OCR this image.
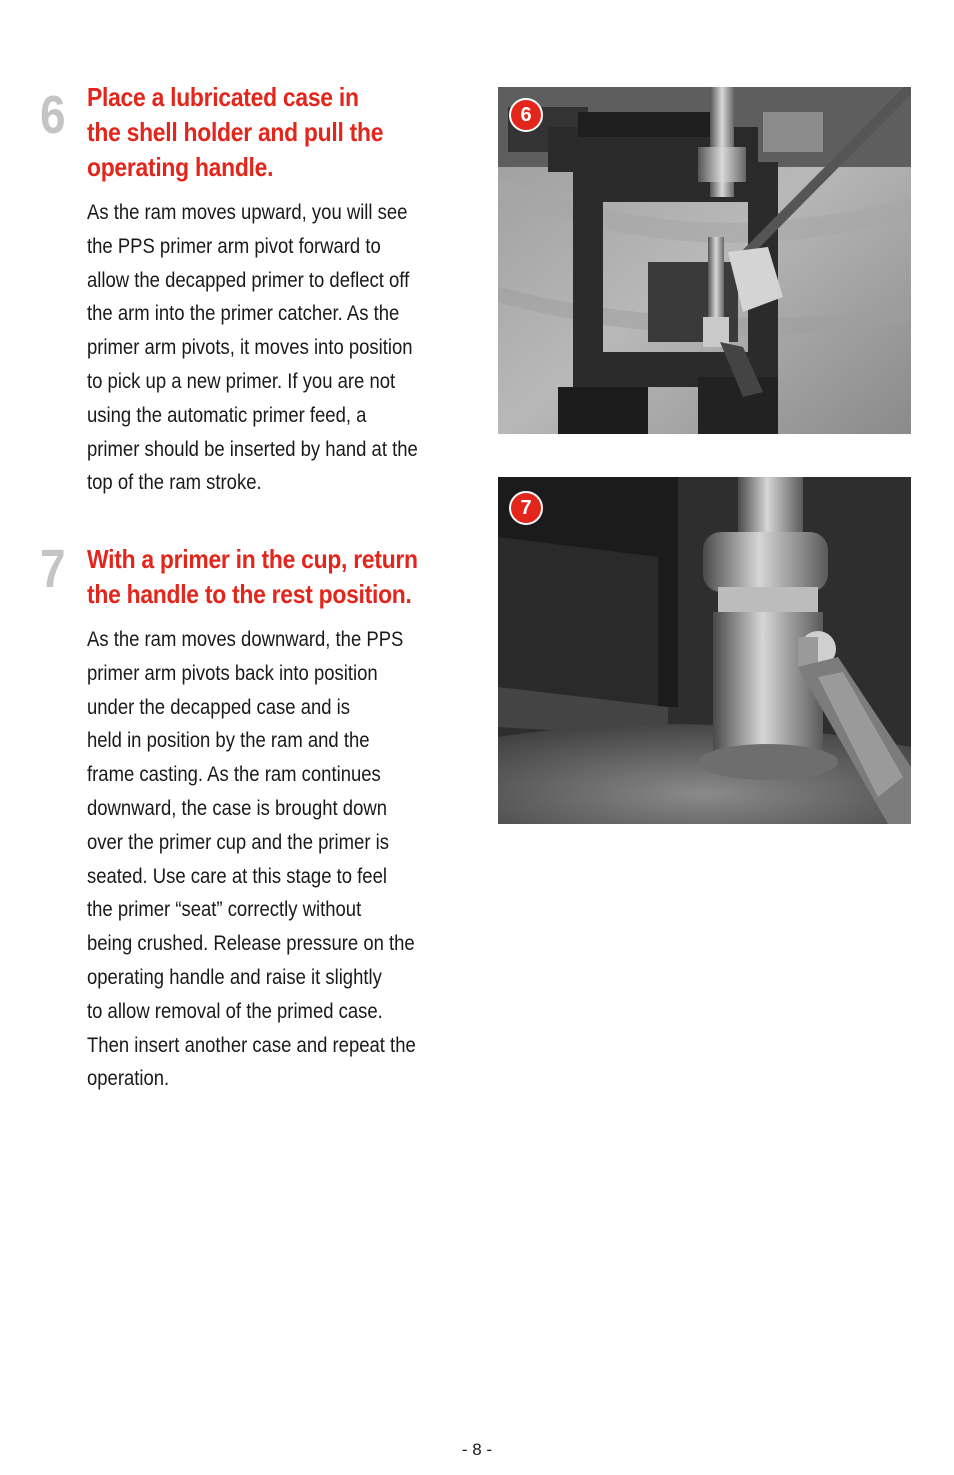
6 Place a lubricated case in
the shell holder and pull the
operating handle.

As the ram moves upward, you will see
the PPS primer arm pivot forward to
allow the decapped primer to deflect off
the arm into the primer catcher. As the
primer arm pivots, it moves into position
to pick up a new primer. If you are not
using the automatic primer feed, a
primer should be inserted by hand at the
top of the ram stroke.

7 With a primer in the cup, return
the handle to the rest position.

As the ram moves downward, the PPS
primer arm pivots back into position
under the decapped case and is
held in position by the ram and the
frame casting. As the ram continues
downward, the case is brought down
over the primer cup and the primer is
seated. Use care at this stage to feel
the primer “seat” correctly without
being crushed. Release pressure on the
operating handle and raise it slightly
to allow removal of the primed case.
Then insert another case and repeat the
operation.

6
7
- 8 -
